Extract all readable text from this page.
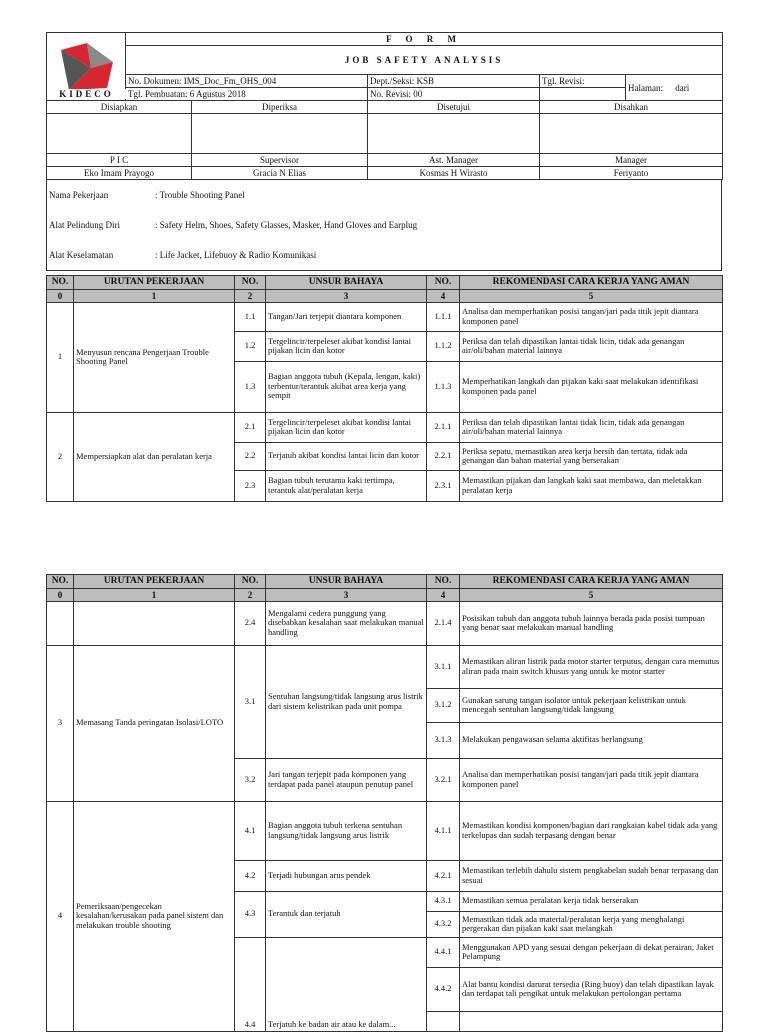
	F O R M			
	JOB SAFETY ANALYSIS			
	No. Dokumen: IMS_Doc_Fm_OHS_004	Dept./Seksi: KSB	Tgl. Revisi:	Halaman: dari
	Tgl. Pembuatan: 6 Agustus 2018	No. Revisi: 00		
KIDECO
Disiapkan	Diperiksa	Disetujui	Disahkan

P I C	Supervisor	Ast. Manager	Manager
Eko Imam Prayogo	Gracia N Elias	Kosmas H Wirasto	Feriyanto
Nama Pekerjaan	: Trouble Shooting Panel
Alat Pelindung Diri	: Safety Helm, Shoes, Safety Glasses, Masker, Hand Gloves and Earplug
Alat Keselamatan	: Life Jacket, Lifebuoy & Radio Komunikasi
NO.	URUTAN PEKERJAAN	NO.	UNSUR BAHAYA	NO.	REKOMENDASI CARA KERJA YANG AMAN
0	1	2	3	4	5
1	Menyusun rencana Pengerjaan Trouble Shooting Panel	1.1	Tangan/Jari terjepit diantara komponen	1.1.1	Analisa dan memperhatikan posisi tangan/jari pada titik jepit diantara komponen panel
		1.2	Tergelincir/terpeleset akibat kondisi lantai pijakan licin dan kotor	1.1.2	Periksa dan telah dipastikan lantai tidak licin, tidak ada genangan air/oli/bahan material lainnya
		1.3	Bagian anggota tubuh (Kepala, lengan, kaki) terbentur/terantuk akibat area kerja yang sempit	1.1.3	Memperhatikan langkah dan pijakan kaki saat melakukan identifikasi komponen pada panel
2	Mempersiapkan alat dan peralatan kerja	2.1	Tergelincir/terpeleset akibat kondisi lantai pijakan licin dan kotor	2.1.1	Periksa dan telah dipastikan lantai tidak licin, tidak ada genangan air/oli/bahan material lainnya
		2.2	Terjatuh akibat kondisi lantai licin dan kotor	2.2.1	Periksa sepatu, memastikan area kerja bersih dan tertata, tidak ada genangan dan bahan material yang berserakan
		2.3	Bagian tubuh terutama kaki tertimpa, terantuk alat/peralatan kerja	2.3.1	Memastikan pijakan dan langkah kaki saat membawa, dan meletakkan peralatan kerja
NO.	URUTAN PEKERJAAN	NO.	UNSUR BAHAYA	NO.	REKOMENDASI CARA KERJA YANG AMAN
0	1	2	3	4	5
		2.4	Mengalami cedera punggung yang disebabkan kesalahan saat melakukan manual handling	2.1.4	Posisikan tubuh dan anggota tubuh lainnya berada pada posisi tumpuan yang benar saat melakukan manual handling
3	Memasang Tanda peringatan Isolasi/LOTO	3.1	Sentuhan langsung/tidak langsung arus listrik dari sistem kelistrikan pada unit pompa	3.1.1	Memastikan aliran listrik pada motor starter terputus, dengan cara memutus aliran pada main switch khusus yang untuk ke motor starter
				3.1.2	Gunakan sarung tangan isolator untuk pekerjaan kelistrikan untuk mencegah sentuhan langsung/tidak langsung
				3.1.3	Melakukan pengawasan selama aktifitas berlangsung
		3.2	Jari tangan terjepit pada komponen yang terdapat pada panel ataupun penutup panel	3.2.1	Analisa dan memperhatikan posisi tangan/jari pada titik jepit diantara komponen panel
4	Pemeriksaan/pengecekan kesalahan/kerusakan pada panel sistem dan melakukan trouble shooting	4.1	Bagian anggota tubuh terkena sentuhan langsung/tidak langsung arus listrik	4.1.1	Memastikan kondisi komponen/bagian dari rangkaian kabel tidak ada yang terkelupas dan sudah terpasang dengan benar
		4.2	Terjadi hubungan arus pendek	4.2.1	Memastikan terlebih dahulu sistem pengkabelan sudah benar terpasang dan sesuai
		4.3	Terantuk dan terjatuh	4.3.1	Memastikan semua peralatan kerja tidak berserakan
				4.3.2	Memastikan tidak ada material/peralatan kerja yang menghalangi pergerakan dan pijakan kaki saat melangkah
		4.4	Terjatuh ke badan air atau ke dalam...	4.4.1	Menggunakan APD yang sesuai dengan pekerjaan di dekat perairan, Jaket Pelampung
				4.4.2	Alat bantu kondisi darurat tersedia (Ring buoy) dan telah dipastikan layak dan terdapat tali pengikat untuk melakukan pertolongan pertama
